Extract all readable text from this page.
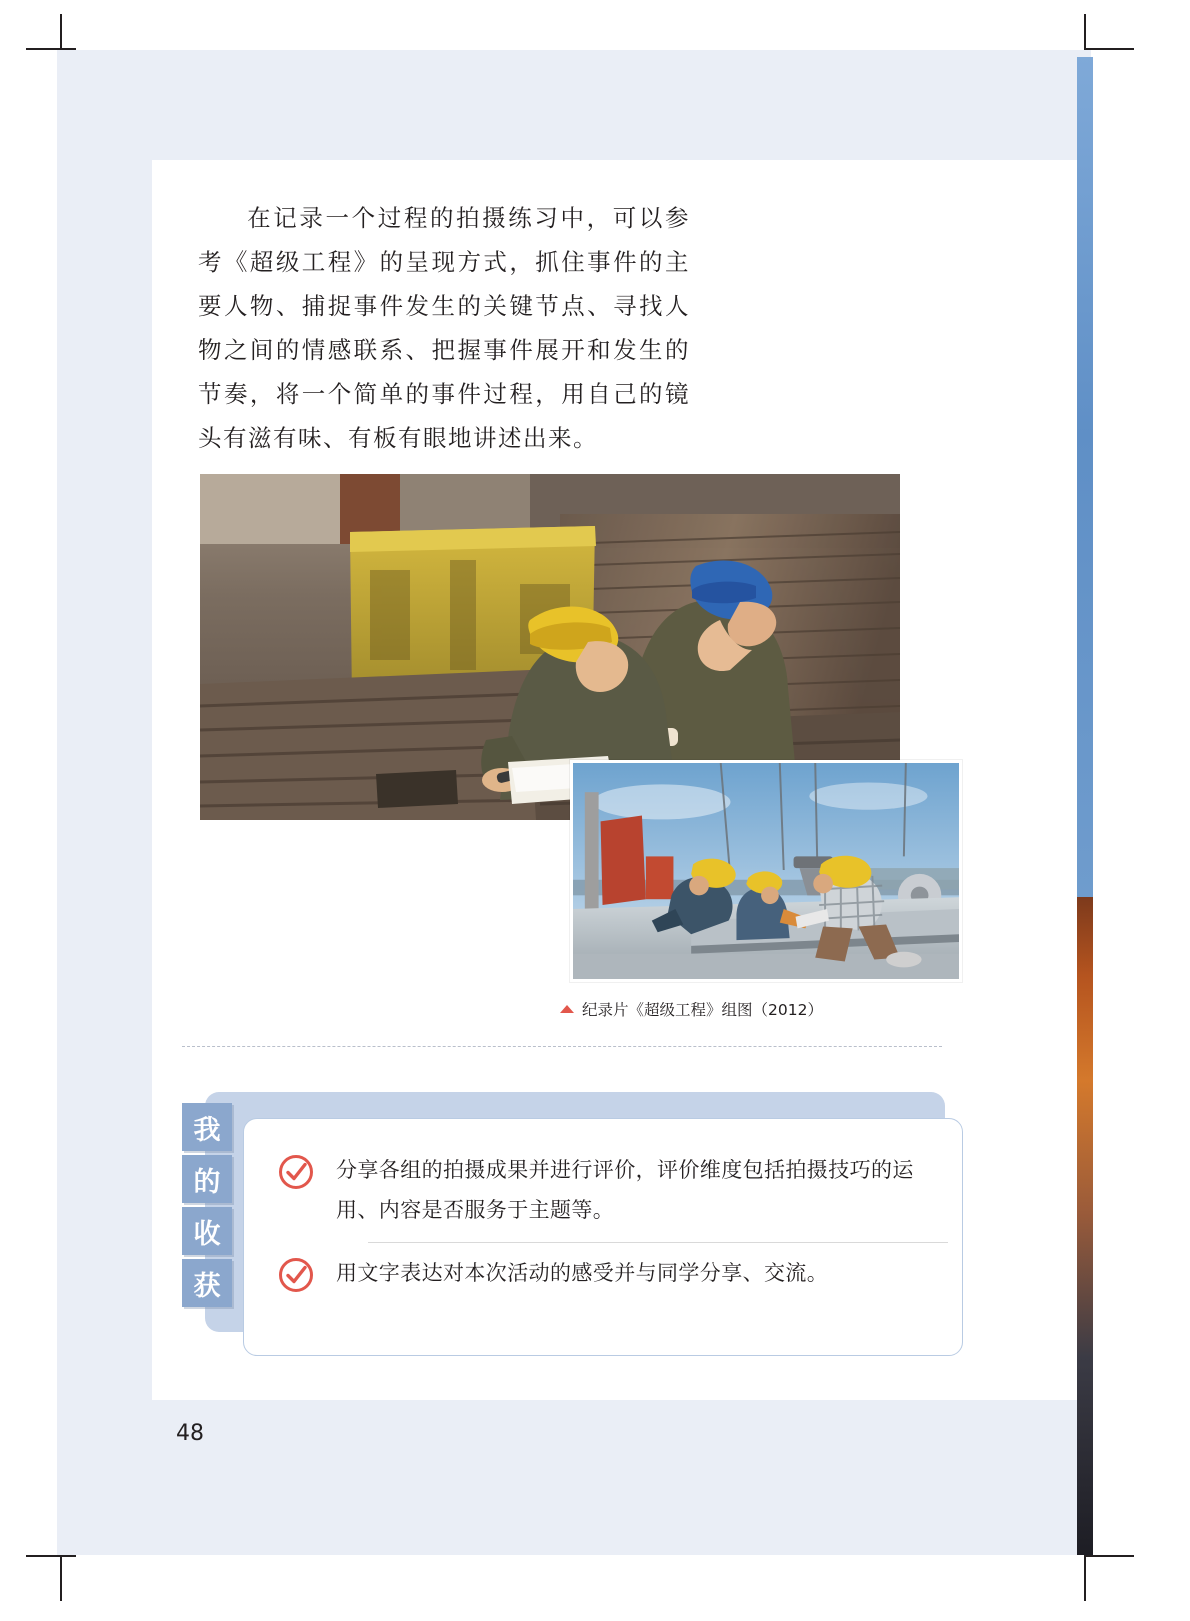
在记录一个过程的拍摄练习中，可以参考《超级工程》的呈现方式，抓住事件的主要人物、捕捉事件发生的关键节点、寻找人物之间的情感联系、把握事件展开和发生的节奏，将一个简单的事件过程，用自己的镜头有滋有味、有板有眼地讲述出来。
纪录片《超级工程》组图（2012）
我
的
收
获
分享各组的拍摄成果并进行评价，评价维度包括拍摄技巧的运用、内容是否服务于主题等。
用文字表达对本次活动的感受并与同学分享、交流。
48
